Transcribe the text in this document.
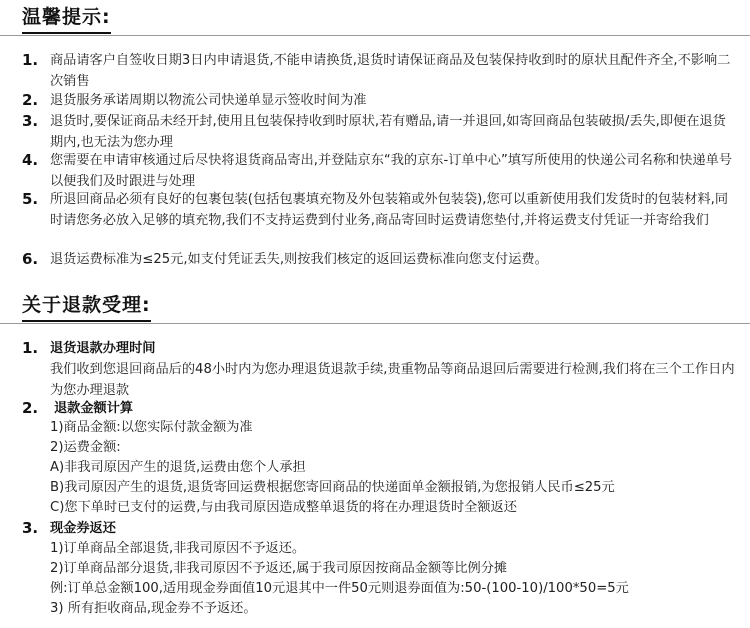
温馨提示:
1. 商品请客户自签收日期3日内申请退货,不能申请换货,退货时请保证商品及包装保持收到时的原状且配件齐全,不影响二次销售
2. 退货服务承诺周期以物流公司快递单显示签收时间为准
3. 退货时,要保证商品未经开封,使用且包装保持收到时原状,若有赠品,请一并退回,如寄回商品包装破损/丢失,即便在退货期内,也无法为您办理
4. 您需要在申请审核通过后尽快将退货商品寄出,并登陆京东“我的京东-订单中心”填写所使用的快递公司名称和快递单号以便我们及时跟进与处理
5. 所退回商品必须有良好的包裹包装(包括包裹填充物及外包装箱或外包装袋),您可以重新使用我们发货时的包装材料,同时请您务必放入足够的填充物,我们不支持运费到付业务,商品寄回时运费请您垫付,并将运费支付凭证一并寄给我们
6. 退货运费标准为≤25元,如支付凭证丢失,则按我们核定的返回运费标准向您支付运费。
关于退款受理:
1. 退货退款办理时间
我们收到您退回商品后的48小时内为您办理退货退款手续,贵重物品等商品退回后需要进行检测,我们将在三个工作日内为您办理退款
2. 退款金额计算
1)商品金额:以您实际付款金额为准
2)运费金额:
A)非我司原因产生的退货,运费由您个人承担
B)我司原因产生的退货,退货寄回运费根据您寄回商品的快递面单金额报销,为您报销人民币≤25元
C)您下单时已支付的运费,与由我司原因造成整单退货的将在办理退货时全额返还
3. 现金券返还
1)订单商品全部退货,非我司原因不予返还。
2)订单商品部分退货,非我司原因不予返还,属于我司原因按商品金额等比例分摊
例:订单总金额100,适用现金券面值10元退其中一件50元则退券面值为:50-(100-10)/100*50=5元
3) 所有拒收商品,现金券不予返还。
